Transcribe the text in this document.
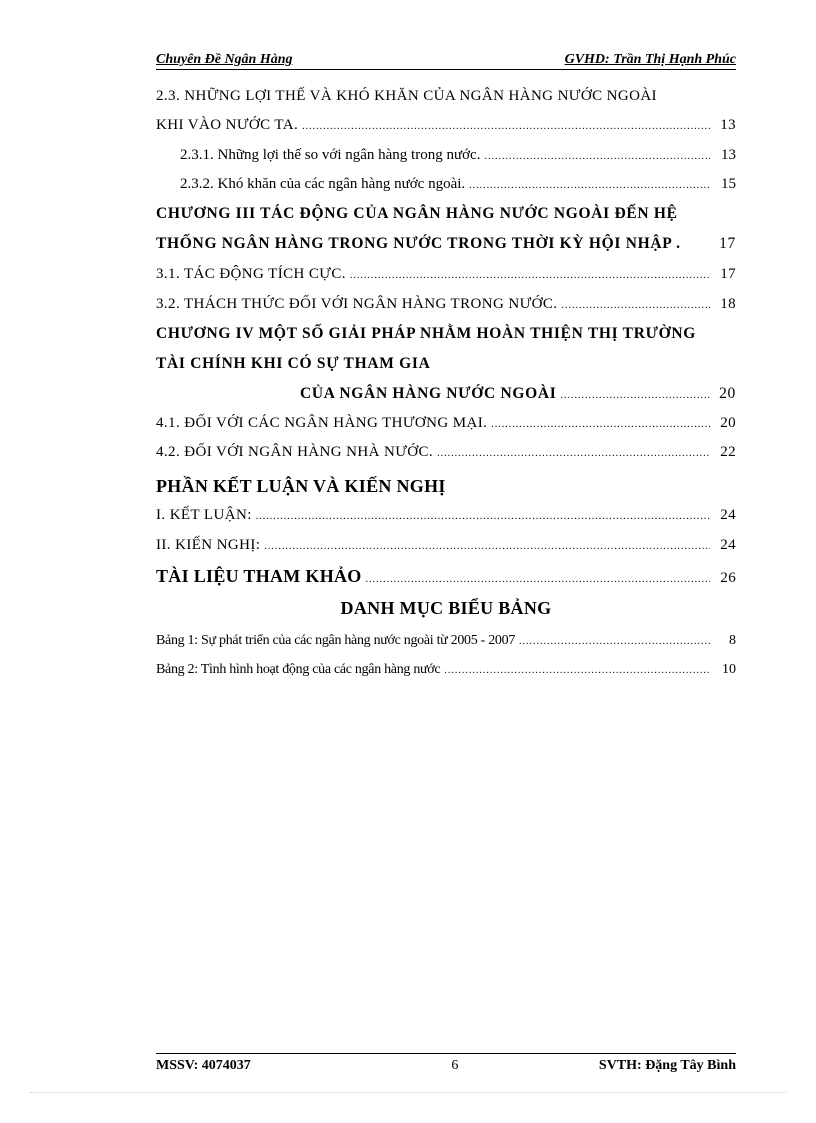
Chuyên Đề Ngân Hàng	GVHD: Trần Thị Hạnh Phúc
2.3. NHỮNG LỢI THẾ VÀ KHÓ KHĂN CỦA NGÂN HÀNG NƯỚC NGOÀI
KHI VÀO NƯỚC TA. .....	13
2.3.1. Những lợi thế so với ngân hàng trong nước. .....	13
2.3.2. Khó khăn của các ngân hàng nước ngoài. .....	15
CHƯƠNG III TÁC ĐỘNG CỦA NGÂN HÀNG NƯỚC NGOÀI ĐẾN HỆ
THỐNG NGÂN HÀNG TRONG NƯỚC TRONG THỜI KỲ HỘI NHẬP .	17
3.1. TÁC ĐỘNG TÍCH CỰC. .....	17
3.2. THÁCH THỨC ĐỐI VỚI NGÂN HÀNG TRONG NƯỚC. .....	18
CHƯƠNG IV MỘT SỐ GIẢI PHÁP NHẰM HOÀN THIỆN THỊ TRƯỜNG
TÀI CHÍNH KHI CÓ SỰ THAM GIA
CỦA NGÂN HÀNG NƯỚC NGOÀI .....	20
4.1. ĐỐI VỚI CÁC NGÂN HÀNG THƯƠNG MẠI. .....	20
4.2. ĐỐI VỚI NGÂN HÀNG NHÀ NƯỚC. .....	22
PHẦN KẾT LUẬN VÀ KIẾN NGHỊ
I. KẾT LUẬN: .....	24
II. KIẾN NGHỊ: .....	24
TÀI LIỆU THAM KHẢO .....	26
DANH MỤC BIỂU BẢNG
Bảng 1: Sự phát triển của các ngân hàng nước ngoài từ 2005 - 2007 .....	8
Bảng 2: Tình hình hoạt động của các ngân hàng nước .....	10
MSSV: 4074037	6	SVTH: Đặng Tây Bình
